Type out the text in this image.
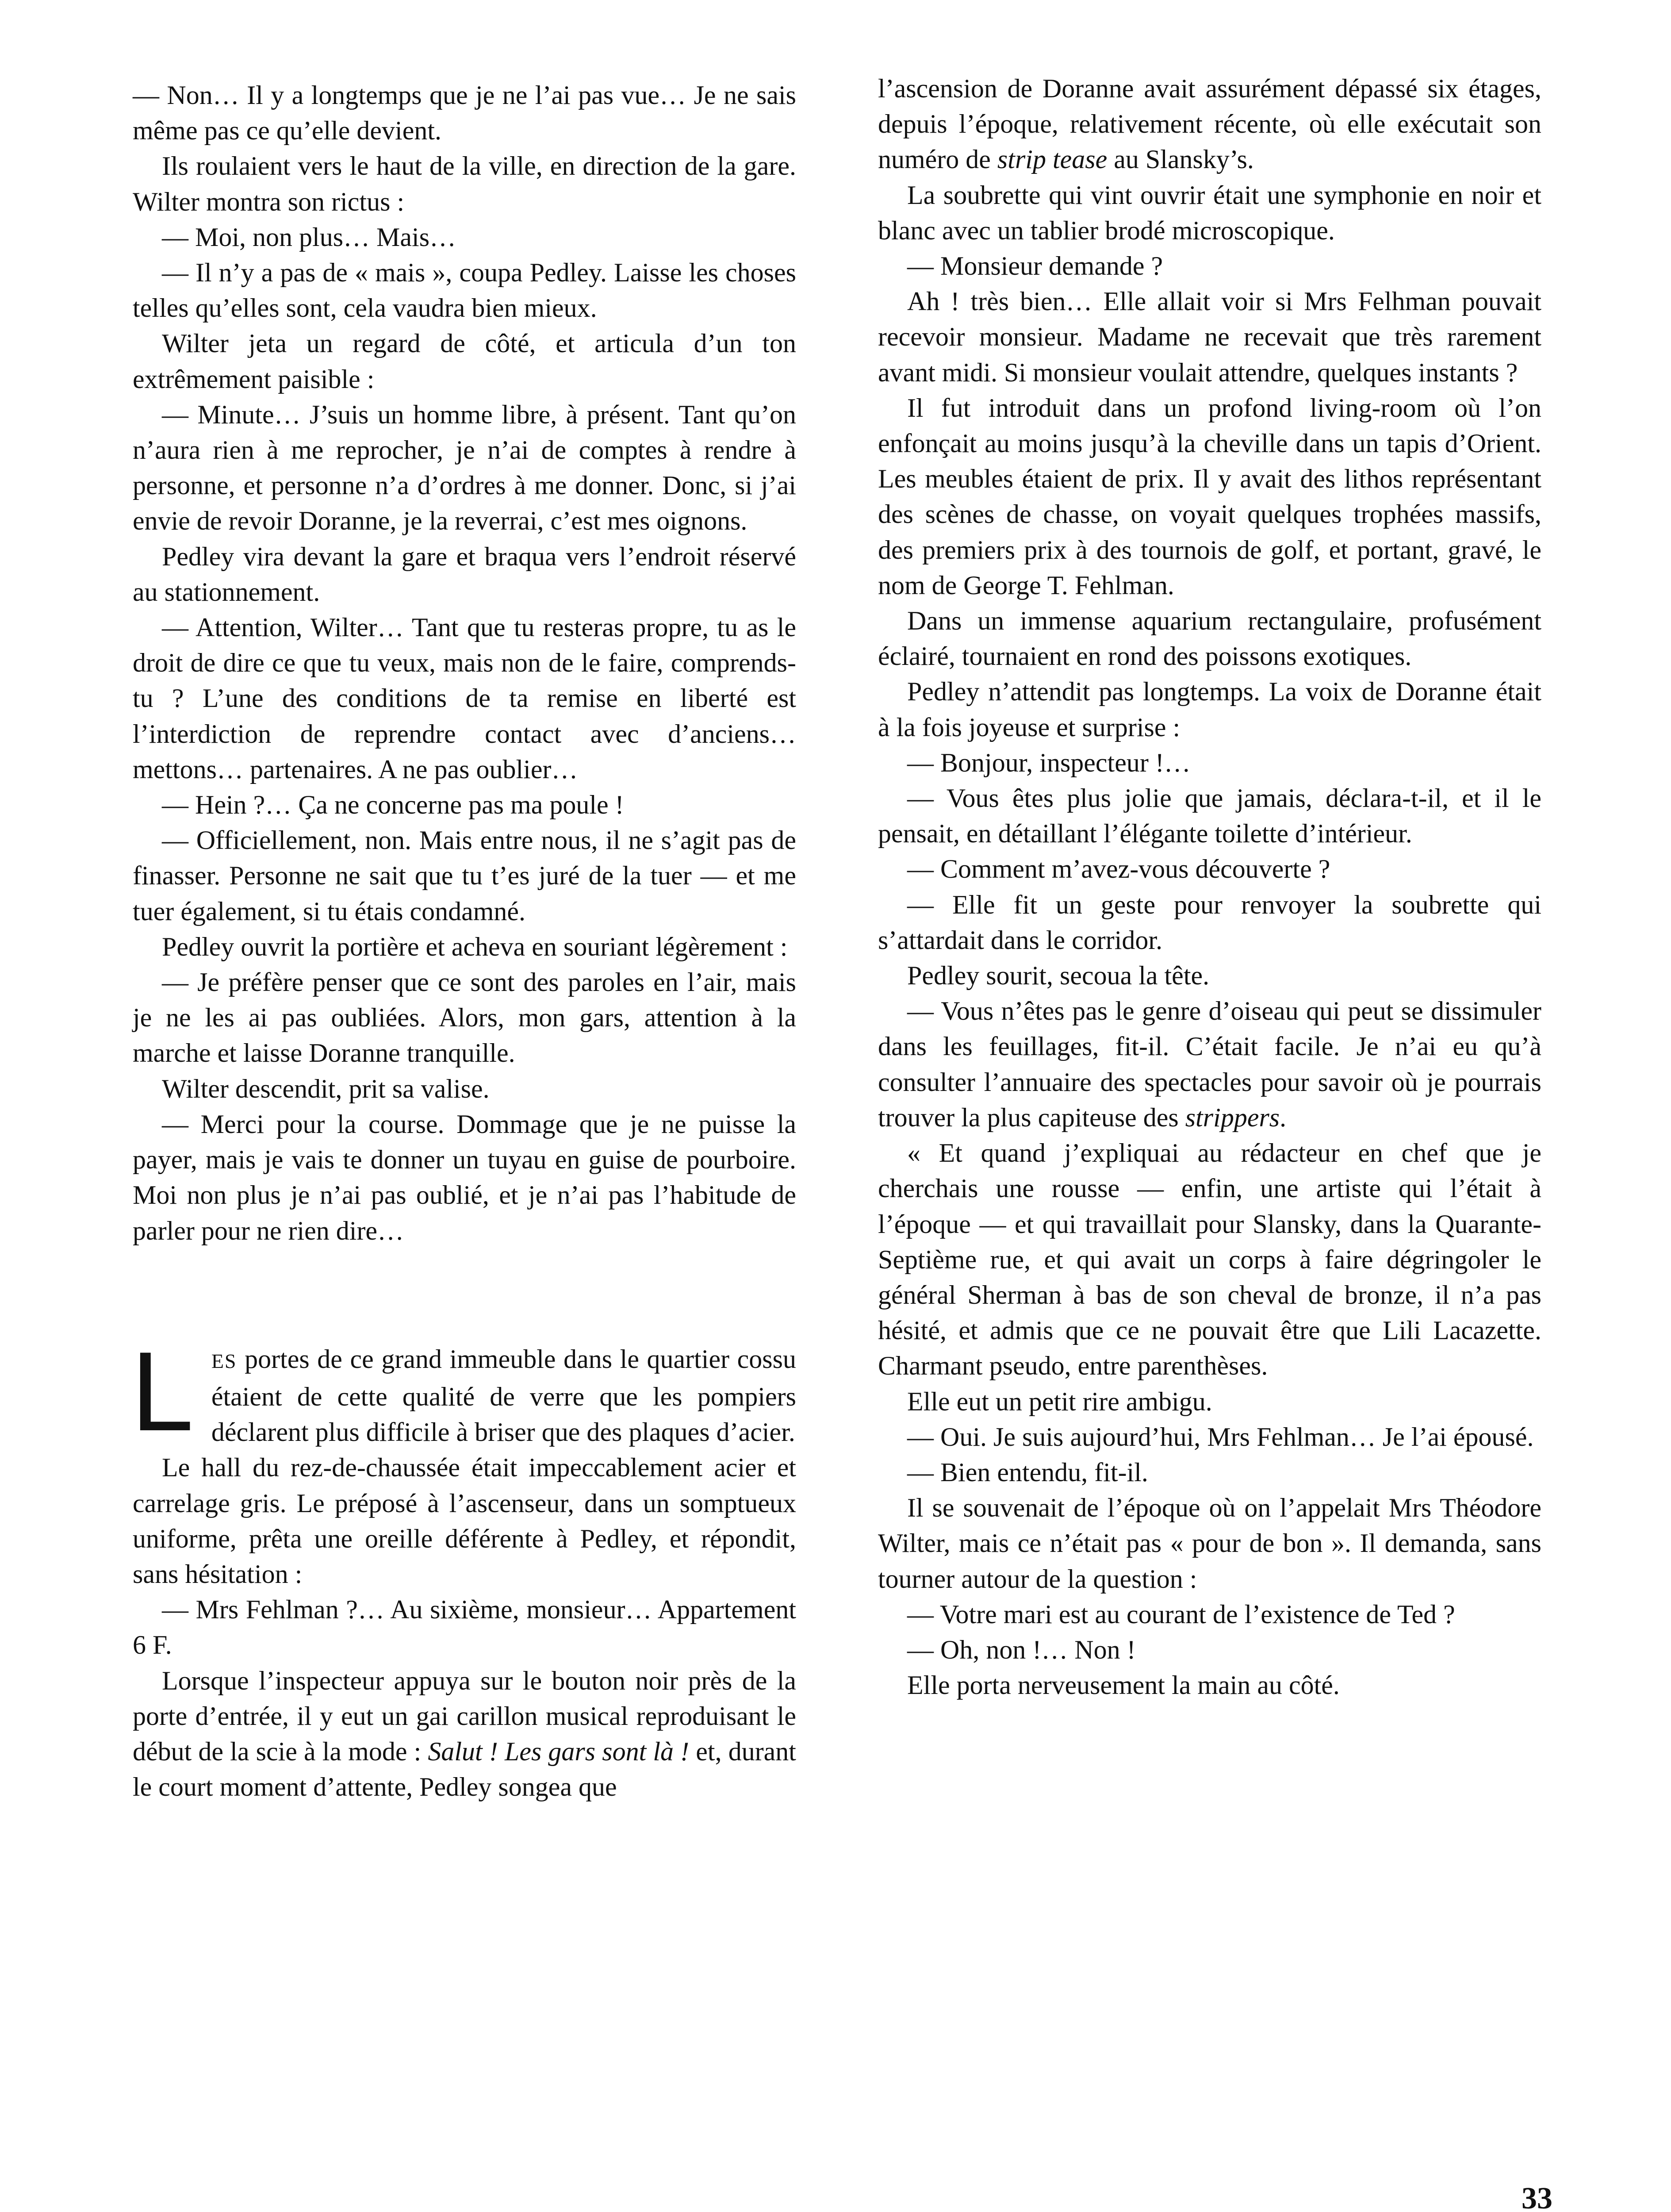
— Non… Il y a longtemps que je ne l’ai pas vue… Je ne sais même pas ce qu’elle devient.

Ils roulaient vers le haut de la ville, en direction de la gare. Wilter montra son rictus :

— Moi, non plus… Mais…

— Il n’y a pas de « mais », coupa Pedley. Laisse les choses telles qu’elles sont, cela vaudra bien mieux.

Wilter jeta un regard de côté, et articula d’un ton extrêmement paisible :

— Minute… J’suis un homme libre, à présent. Tant qu’on n’aura rien à me reprocher, je n’ai de comptes à rendre à personne, et personne n’a d’ordres à me donner. Donc, si j’ai envie de revoir Doranne, je la reverrai, c’est mes oignons.

Pedley vira devant la gare et braqua vers l’endroit réservé au stationnement.

— Attention, Wilter… Tant que tu resteras propre, tu as le droit de dire ce que tu veux, mais non de le faire, comprends-tu ? L’une des conditions de ta remise en liberté est l’interdiction de reprendre contact avec d’anciens… mettons… partenaires. A ne pas oublier…

— Hein ?… Ça ne concerne pas ma poule !

— Officiellement, non. Mais entre nous, il ne s’agit pas de finasser. Personne ne sait que tu t’es juré de la tuer — et me tuer également, si tu étais condamné.

Pedley ouvrit la portière et acheva en souriant légèrement :

— Je préfère penser que ce sont des paroles en l’air, mais je ne les ai pas oubliées. Alors, mon gars, attention à la marche et laisse Doranne tranquille.

Wilter descendit, prit sa valise.

— Merci pour la course. Dommage que je ne puisse la payer, mais je vais te donner un tuyau en guise de pourboire. Moi non plus je n’ai pas oublié, et je n’ai pas l’habitude de parler pour ne rien dire…

LES portes de ce grand immeuble dans le quartier cossu étaient de cette qualité de verre que les pompiers déclarent plus difficile à briser que des plaques d’acier.

Le hall du rez-de-chaussée était impeccablement acier et carrelage gris. Le préposé à l’ascenseur, dans un somptueux uniforme, prêta une oreille déférente à Pedley, et répondit, sans hésitation :

— Mrs Fehlman ?… Au sixième, monsieur… Appartement 6 F.

Lorsque l’inspecteur appuya sur le bouton noir près de la porte d’entrée, il y eut un gai carillon musical reproduisant le début de la scie à la mode : Salut ! Les gars sont là ! et, durant le court moment d’attente, Pedley songea que

l’ascension de Doranne avait assurément dépassé six étages, depuis l’époque, relativement récente, où elle exécutait son numéro de strip tease au Slansky’s.

La soubrette qui vint ouvrir était une symphonie en noir et blanc avec un tablier brodé microscopique.

— Monsieur demande ?

Ah ! très bien… Elle allait voir si Mrs Felhman pouvait recevoir monsieur. Madame ne recevait que très rarement avant midi. Si monsieur voulait attendre, quelques instants ?

Il fut introduit dans un profond living-room où l’on enfonçait au moins jusqu’à la cheville dans un tapis d’Orient. Les meubles étaient de prix. Il y avait des lithos représentant des scènes de chasse, on voyait quelques trophées massifs, des premiers prix à des tournois de golf, et portant, gravé, le nom de George T. Fehlman.

Dans un immense aquarium rectangulaire, profusément éclairé, tournaient en rond des poissons exotiques.

Pedley n’attendit pas longtemps. La voix de Doranne était à la fois joyeuse et surprise :

— Bonjour, inspecteur !…

— Vous êtes plus jolie que jamais, déclara-t-il, et il le pensait, en détaillant l’élégante toilette d’intérieur.

— Comment m’avez-vous découverte ?

— Elle fit un geste pour renvoyer la soubrette qui s’attardait dans le corridor.

Pedley sourit, secoua la tête.

— Vous n’êtes pas le genre d’oiseau qui peut se dissimuler dans les feuillages, fit-il. C’était facile. Je n’ai eu qu’à consulter l’annuaire des spectacles pour savoir où je pourrais trouver la plus capiteuse des strippers.

« Et quand j’expliquai au rédacteur en chef que je cherchais une rousse — enfin, une artiste qui l’était à l’époque — et qui travaillait pour Slansky, dans la Quarante-Septième rue, et qui avait un corps à faire dégringoler le général Sherman à bas de son cheval de bronze, il n’a pas hésité, et admis que ce ne pouvait être que Lili Lacazette. Charmant pseudo, entre parenthèses.

Elle eut un petit rire ambigu.

— Oui. Je suis aujourd’hui, Mrs Fehlman… Je l’ai épousé.

— Bien entendu, fit-il.

Il se souvenait de l’époque où on l’appelait Mrs Théodore Wilter, mais ce n’était pas « pour de bon ». Il demanda, sans tourner autour de la question :

— Votre mari est au courant de l’existence de Ted ?

— Oh, non !… Non !

Elle porta nerveusement la main au côté.

33
